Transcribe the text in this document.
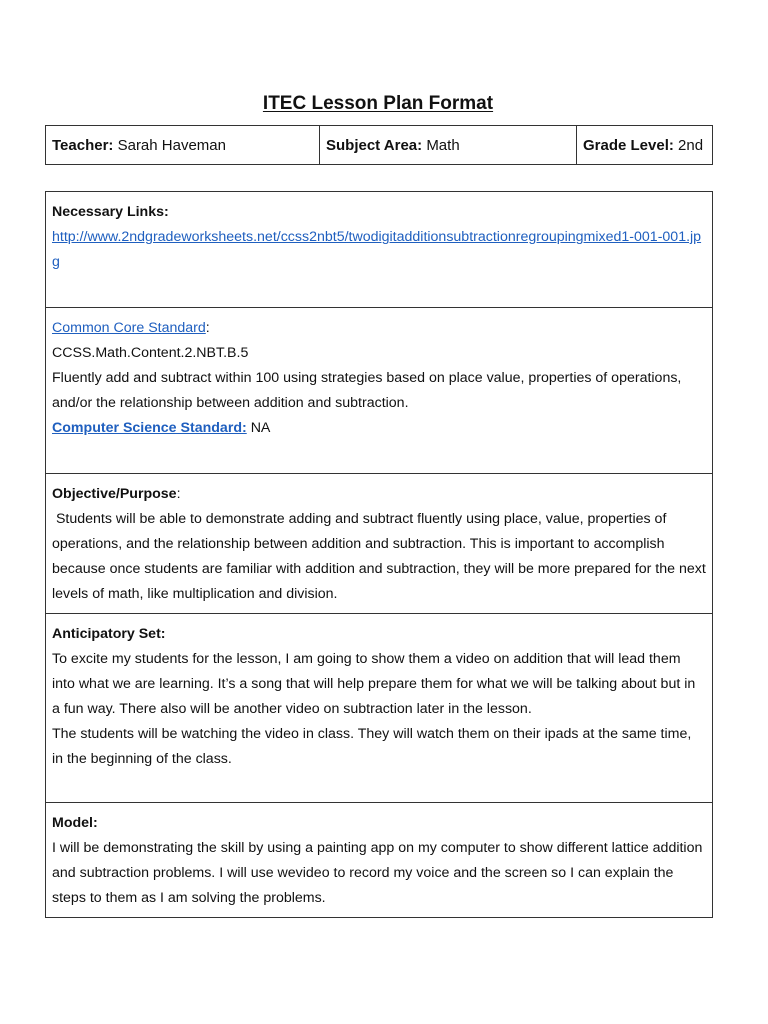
ITEC Lesson Plan Format
Teacher:
Sarah Haveman	Subject Area:
Math	Grade Level:
2nd

Necessary Links:

http://www.2ndgradeworksheets.net/ccss2nbt5/twodigitadditionsubtractionregroupingmixed1-001-001.jpg

Common Core Standard:

CCSS.Math.Content.2.NBT.B.5

Fluently add and subtract within 100 using strategies based on place value, properties of operations, and/or the relationship between addition and subtraction.

Computer Science Standard: NA

Objective/Purpose:

Students will be able to demonstrate adding and subtract fluently using place, value, properties of operations, and the relationship between addition and subtraction. This is important to accomplish because once students are familiar with addition and subtraction, they will be more prepared for the next levels of math, like multiplication and division.

Anticipatory Set:

To excite my students for the lesson, I am going to show them a video on addition that will lead them into what we are learning. It’s a song that will help prepare them for what we will be talking about but in a fun way. There also will be another video on subtraction later in the lesson.

The students will be watching the video in class. They will watch them on their ipads at the same time, in the beginning of the class.

Model:

I will be demonstrating the skill by using a painting app on my computer to show different lattice addition and subtraction problems. I will use wevideo to record my voice and the screen so I can explain the steps to them as I am solving the problems.
